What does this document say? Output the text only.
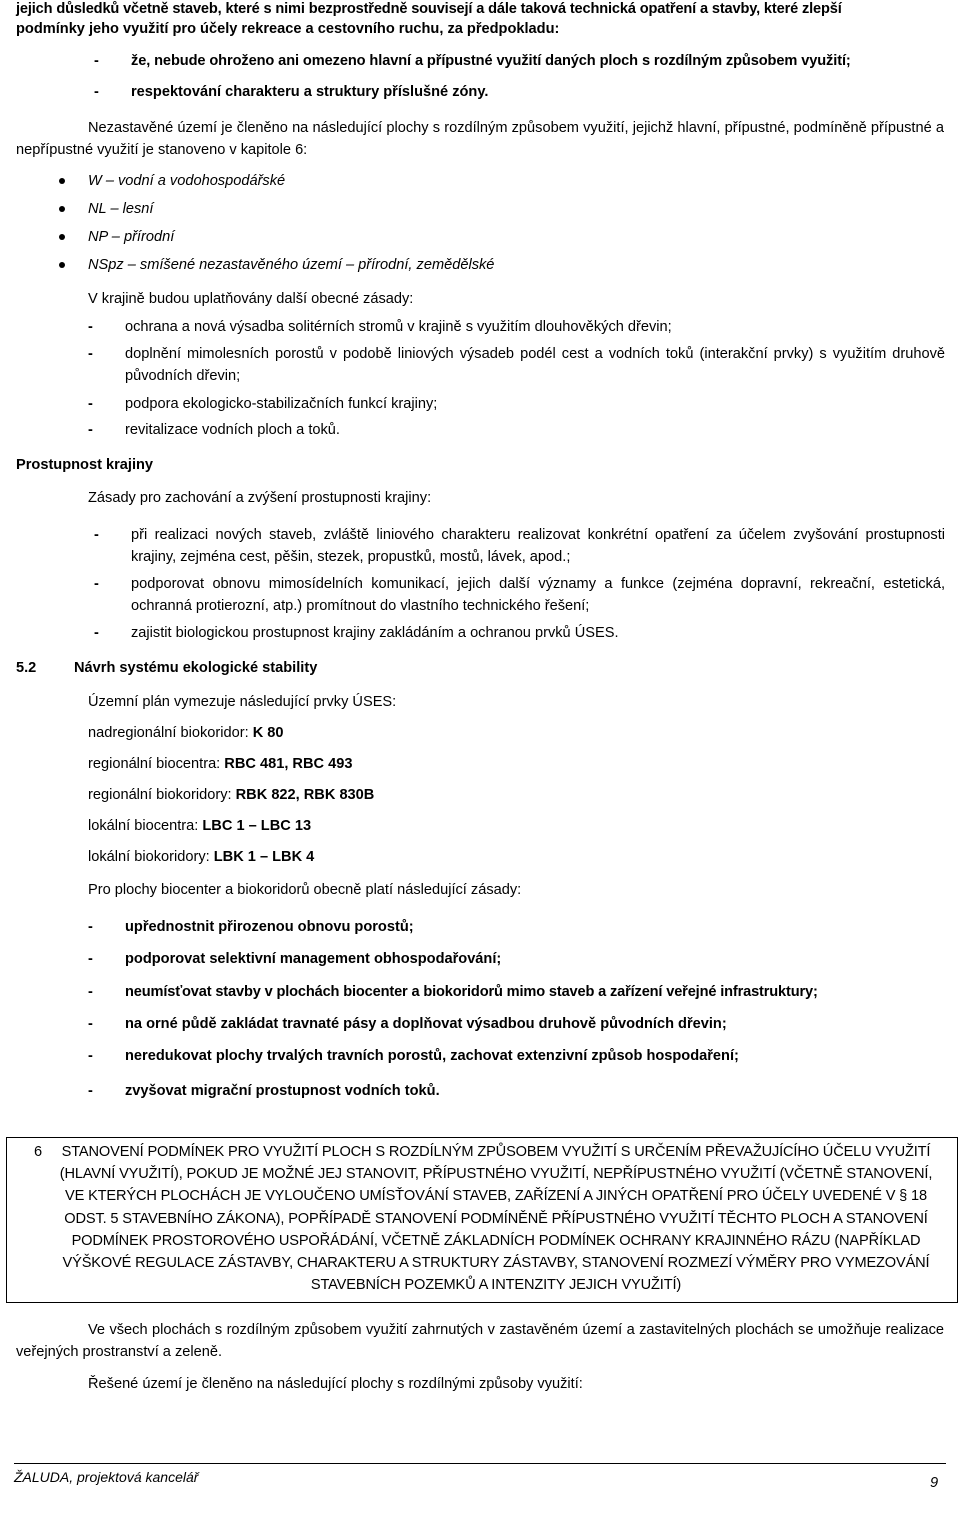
jejich důsledků včetně staveb, které s nimi bezprostředně souvisejí a dále taková technická opatření a stavby, které zlepší
podmínky jeho využití pro účely rekreace a cestovního ruchu, za předpokladu:
- že, nebude ohroženo ani omezeno hlavní a přípustné využití daných ploch s rozdílným způsobem využití;
- respektování charakteru a struktury příslušné zóny.
Nezastavěné území je členěno na následující plochy s rozdílným způsobem využití, jejichž hlavní, přípustné, podmíněně přípustné a nepřípustné využití je stanoveno v kapitole 6:
W – vodní a vodohospodářské
NL – lesní
NP – přírodní
NSpz – smíšené nezastavěného území – přírodní, zemědělské
V krajině budou uplatňovány další obecné zásady:
- ochrana a nová výsadba solitérních stromů v krajině s využitím dlouhověkých dřevin;
- doplnění mimolesních porostů v podobě liniových výsadeb podél cest a vodních toků (interakční prvky) s využitím druhově původních dřevin;
- podpora ekologicko-stabilizačních funkcí krajiny;
- revitalizace vodních ploch a toků.
Prostupnost krajiny
Zásady pro zachování a zvýšení prostupnosti krajiny:
- při realizaci nových staveb, zvláště liniového charakteru realizovat konkrétní opatření za účelem zvyšování prostupnosti krajiny, zejména cest, pěšin, stezek, propustků, mostů, lávek, apod.;
- podporovat obnovu mimosídelních komunikací, jejich další významy a funkce (zejména dopravní, rekreační, estetická, ochranná protierozní, atp.) promítnout do vlastního technického řešení;
- zajistit biologickou prostupnost krajiny zakládáním a ochranou prvků ÚSES.
5.2	Návrh systému ekologické stability
Územní plán vymezuje následující prvky ÚSES:
nadregionální biokoridor: K 80
regionální biocentra: RBC 481, RBC 493
regionální biokoridory: RBK 822, RBK 830B
lokální biocentra: LBC 1 – LBC 13
lokální biokoridory: LBK 1 – LBK 4
Pro plochy biocenter a biokoridorů obecně platí následující zásady:
- upřednostnit přirozenou obnovu porostů;
- podporovat selektivní management obhospodařování;
- neumísťovat stavby v plochách biocenter a biokoridorů mimo staveb a zařízení veřejné infrastruktury;
- na orné půdě zakládat travnaté pásy a doplňovat výsadbou druhově původních dřevin;
- neredukovat plochy trvalých travních porostů, zachovat extenzivní způsob hospodaření;
- zvyšovat migrační prostupnost vodních toků.
6	STANOVENÍ PODMÍNEK PRO VYUŽITÍ PLOCH S ROZDÍLNÝM ZPŮSOBEM VYUŽITÍ S URČENÍM PŘEVAŽUJÍCÍHO ÚČELU VYUŽITÍ (HLAVNÍ VYUŽITÍ), POKUD JE MOŽNÉ JEJ STANOVIT, PŘÍPUSTNÉHO VYUŽITÍ, NEPŘÍPUSTNÉHO VYUŽITÍ (VČETNĚ STANOVENÍ, VE KTERÝCH PLOCHÁCH JE VYLOUČENO UMÍSŤOVÁNÍ STAVEB, ZAŘÍZENÍ A JINÝCH OPATŘENÍ PRO ÚČELY UVEDENÉ V § 18 ODST. 5 STAVEBNÍHO ZÁKONA), POPŘÍPADĚ STANOVENÍ PODMÍNĚNĚ PŘÍPUSTNÉHO VYUŽITÍ TĚCHTO PLOCH A STANOVENÍ PODMÍNEK PROSTOROVÉHO USPOŘÁDÁNÍ, VČETNĚ ZÁKLADNÍCH PODMÍNEK OCHRANY KRAJINNÉHO RÁZU (NAPŘÍKLAD VÝŠKOVÉ REGULACE ZÁSTAVBY, CHARAKTERU A STRUKTURY ZÁSTAVBY, STANOVENÍ ROZMEZÍ VÝMĚRY PRO VYMEZOVÁNÍ STAVEBNÍCH POZEMKŮ A INTENZITY JEJICH VYUŽITÍ)
Ve všech plochách s rozdílným způsobem využití zahrnutých v zastavěném území a zastavitelných plochách se umožňuje realizace veřejných prostranství a zeleně.
Řešené území je členěno na následující plochy s rozdílnými způsoby využití:
ŽALUDA, projektová kancelář	9
